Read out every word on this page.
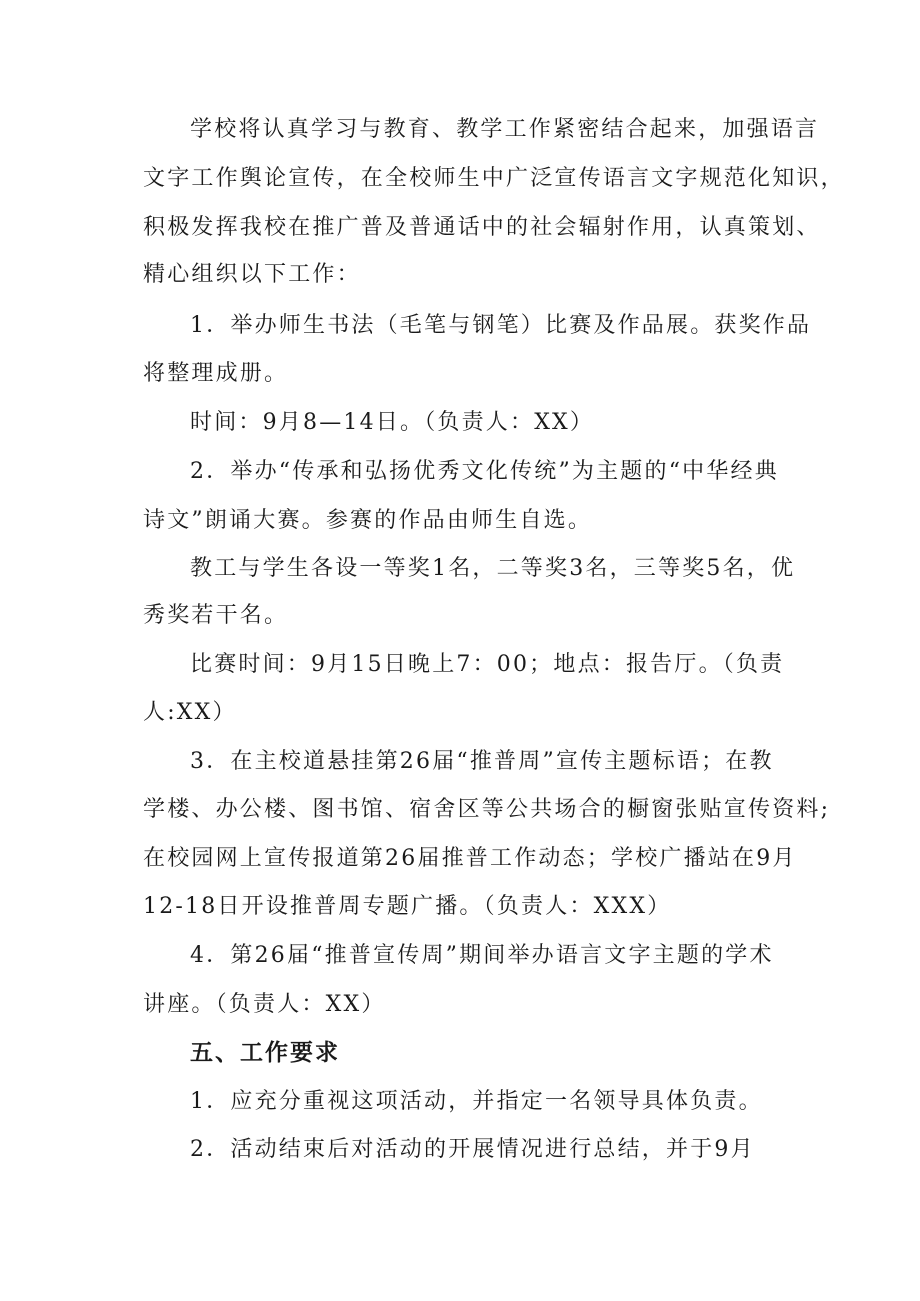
学校将认真学习与教育、教学工作紧密结合起来，加强语言
文字工作舆论宣传，在全校师生中广泛宣传语言文字规范化知识，
积极发挥我校在推广普及普通话中的社会辐射作用，认真策划、
精心组织以下工作：
1．举办师生书法（毛笔与钢笔）比赛及作品展。获奖作品
将整理成册。
时间：9月8—14日。（负责人：XX）
2．举办“传承和弘扬优秀文化传统”为主题的“中华经典
诗文”朗诵大赛。参赛的作品由师生自选。
教工与学生各设一等奖1名，二等奖3名，三等奖5名，优
秀奖若干名。
比赛时间：9月15日晚上7：00；地点：报告厅。（负责
人:XX）
3．在主校道悬挂第26届“推普周”宣传主题标语；在教
学楼、办公楼、图书馆、宿舍区等公共场合的橱窗张贴宣传资料;
在校园网上宣传报道第26届推普工作动态；学校广播站在9月
12-18日开设推普周专题广播。（负责人：XXX）
4．第26届“推普宣传周”期间举办语言文字主题的学术
讲座。（负责人：XX）
五、工作要求
1．应充分重视这项活动，并指定一名领导具体负责。
2．活动结束后对活动的开展情况进行总结，并于9月
